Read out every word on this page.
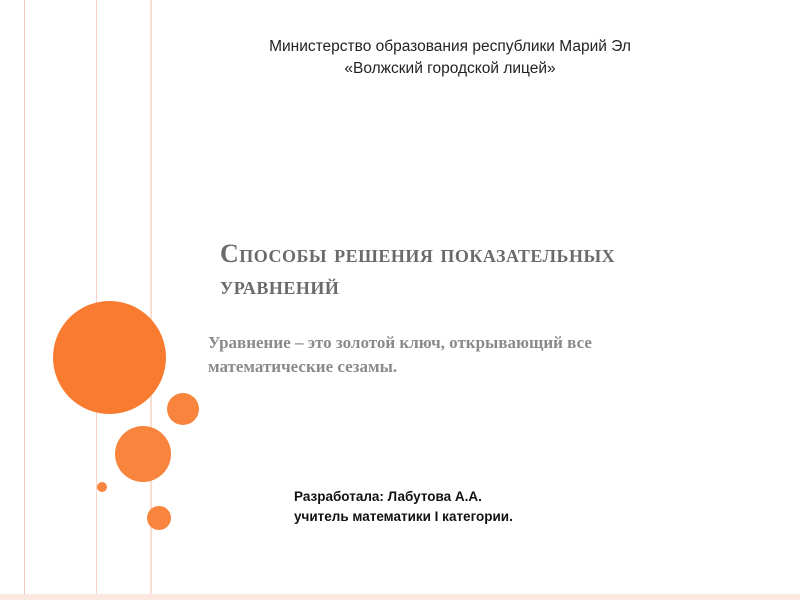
Министерство образования республики Марий Эл
«Волжский городской лицей»
Способы решения показательных
уравнений
Уравнение – это золотой ключ, открывающий все
математические сезамы.
Разработала: Лабутова А.А.
учитель математики I категории.
